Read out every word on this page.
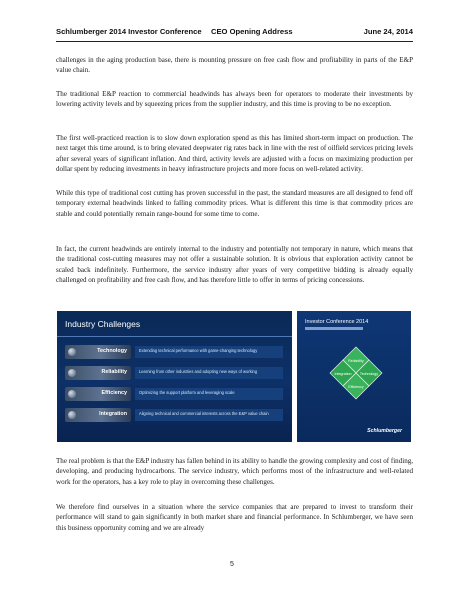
Schlumberger 2014 Investor Conference CEO Opening Address	June 24, 2014

challenges in the aging production base, there is mounting pressure on free cash flow and profitability in parts of the E&P value chain.

The traditional E&P reaction to commercial headwinds has always been for operators to moderate their investments by lowering activity levels and by squeezing prices from the supplier industry, and this time is proving to be no exception.

The first well-practiced reaction is to slow down exploration spend as this has limited short-term impact on production. The next target this time around, is to bring elevated deepwater rig rates back in line with the rest of oilfield services pricing levels after several years of significant inflation. And third, activity levels are adjusted with a focus on maximizing production per dollar spent by reducing investments in heavy infrastructure projects and more focus on well-related activity.

While this type of traditional cost cutting has proven successful in the past, the standard measures are all designed to fend off temporary external headwinds linked to falling commodity prices. What is different this time is that commodity prices are stable and could potentially remain range-bound for some time to come.

In fact, the current headwinds are entirely internal to the industry and potentially not temporary in nature, which means that the traditional cost-cutting measures may not offer a sustainable solution. It is obvious that exploration activity cannot be scaled back indefinitely. Furthermore, the service industry after years of very competitive bidding is already equally challenged on profitability and free cash flow, and has therefore little to offer in terms of pricing concessions.

Industry Challenges
Technology	Extending technical performance with game-changing technology
Reliability	Learning from other industries and adopting new ways of working
Efficiency	Optimizing the support platform and leveraging scale
Integration	Aligning technical and commercial interests across the E&P value chain
Investor Conference 2014
Reliability
Integration Technology
Efficiency
Schlumberger

The real problem is that the E&P industry has fallen behind in its ability to handle the growing complexity and cost of finding, developing, and producing hydrocarbons. The service industry, which performs most of the infrastructure and well-related work for the operators, has a key role to play in overcoming these challenges.

We therefore find ourselves in a situation where the service companies that are prepared to invest to transform their performance will stand to gain significantly in both market share and financial performance. In Schlumberger, we have seen this business opportunity coming and we are already

5
